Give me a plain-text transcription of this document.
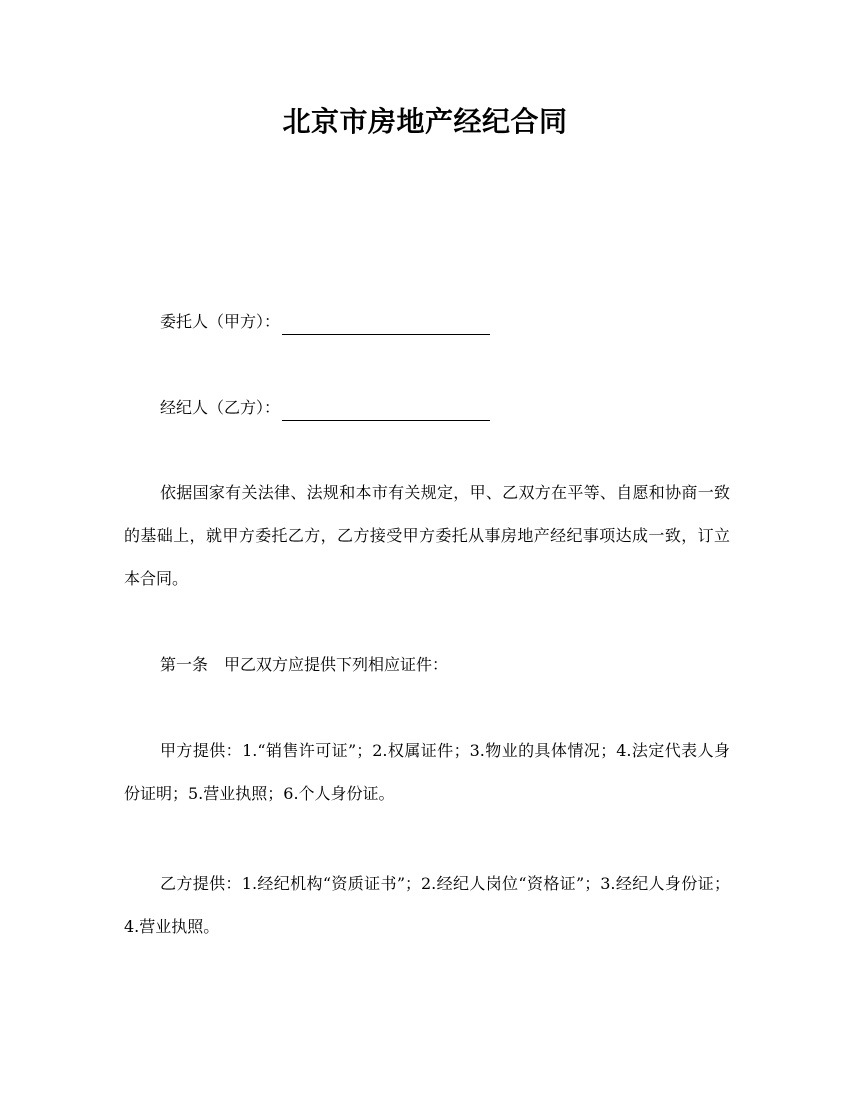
北京市房地产经纪合同
委托人（甲方）：
经纪人（乙方）：

依据国家有关法律、法规和本市有关规定，甲、乙双方在平等、自愿和协商一致的基础上，就甲方委托乙方，乙方接受甲方委托从事房地产经纪事项达成一致，订立本合同。

第一条　甲乙双方应提供下列相应证件：

甲方提供：1.“销售许可证”；2.权属证件；3.物业的具体情况；4.法定代表人身份证明；5.营业执照；6.个人身份证。

乙方提供：1.经纪机构“资质证书”；2.经纪人岗位“资格证”；3.经纪人身份证；4.营业执照。
